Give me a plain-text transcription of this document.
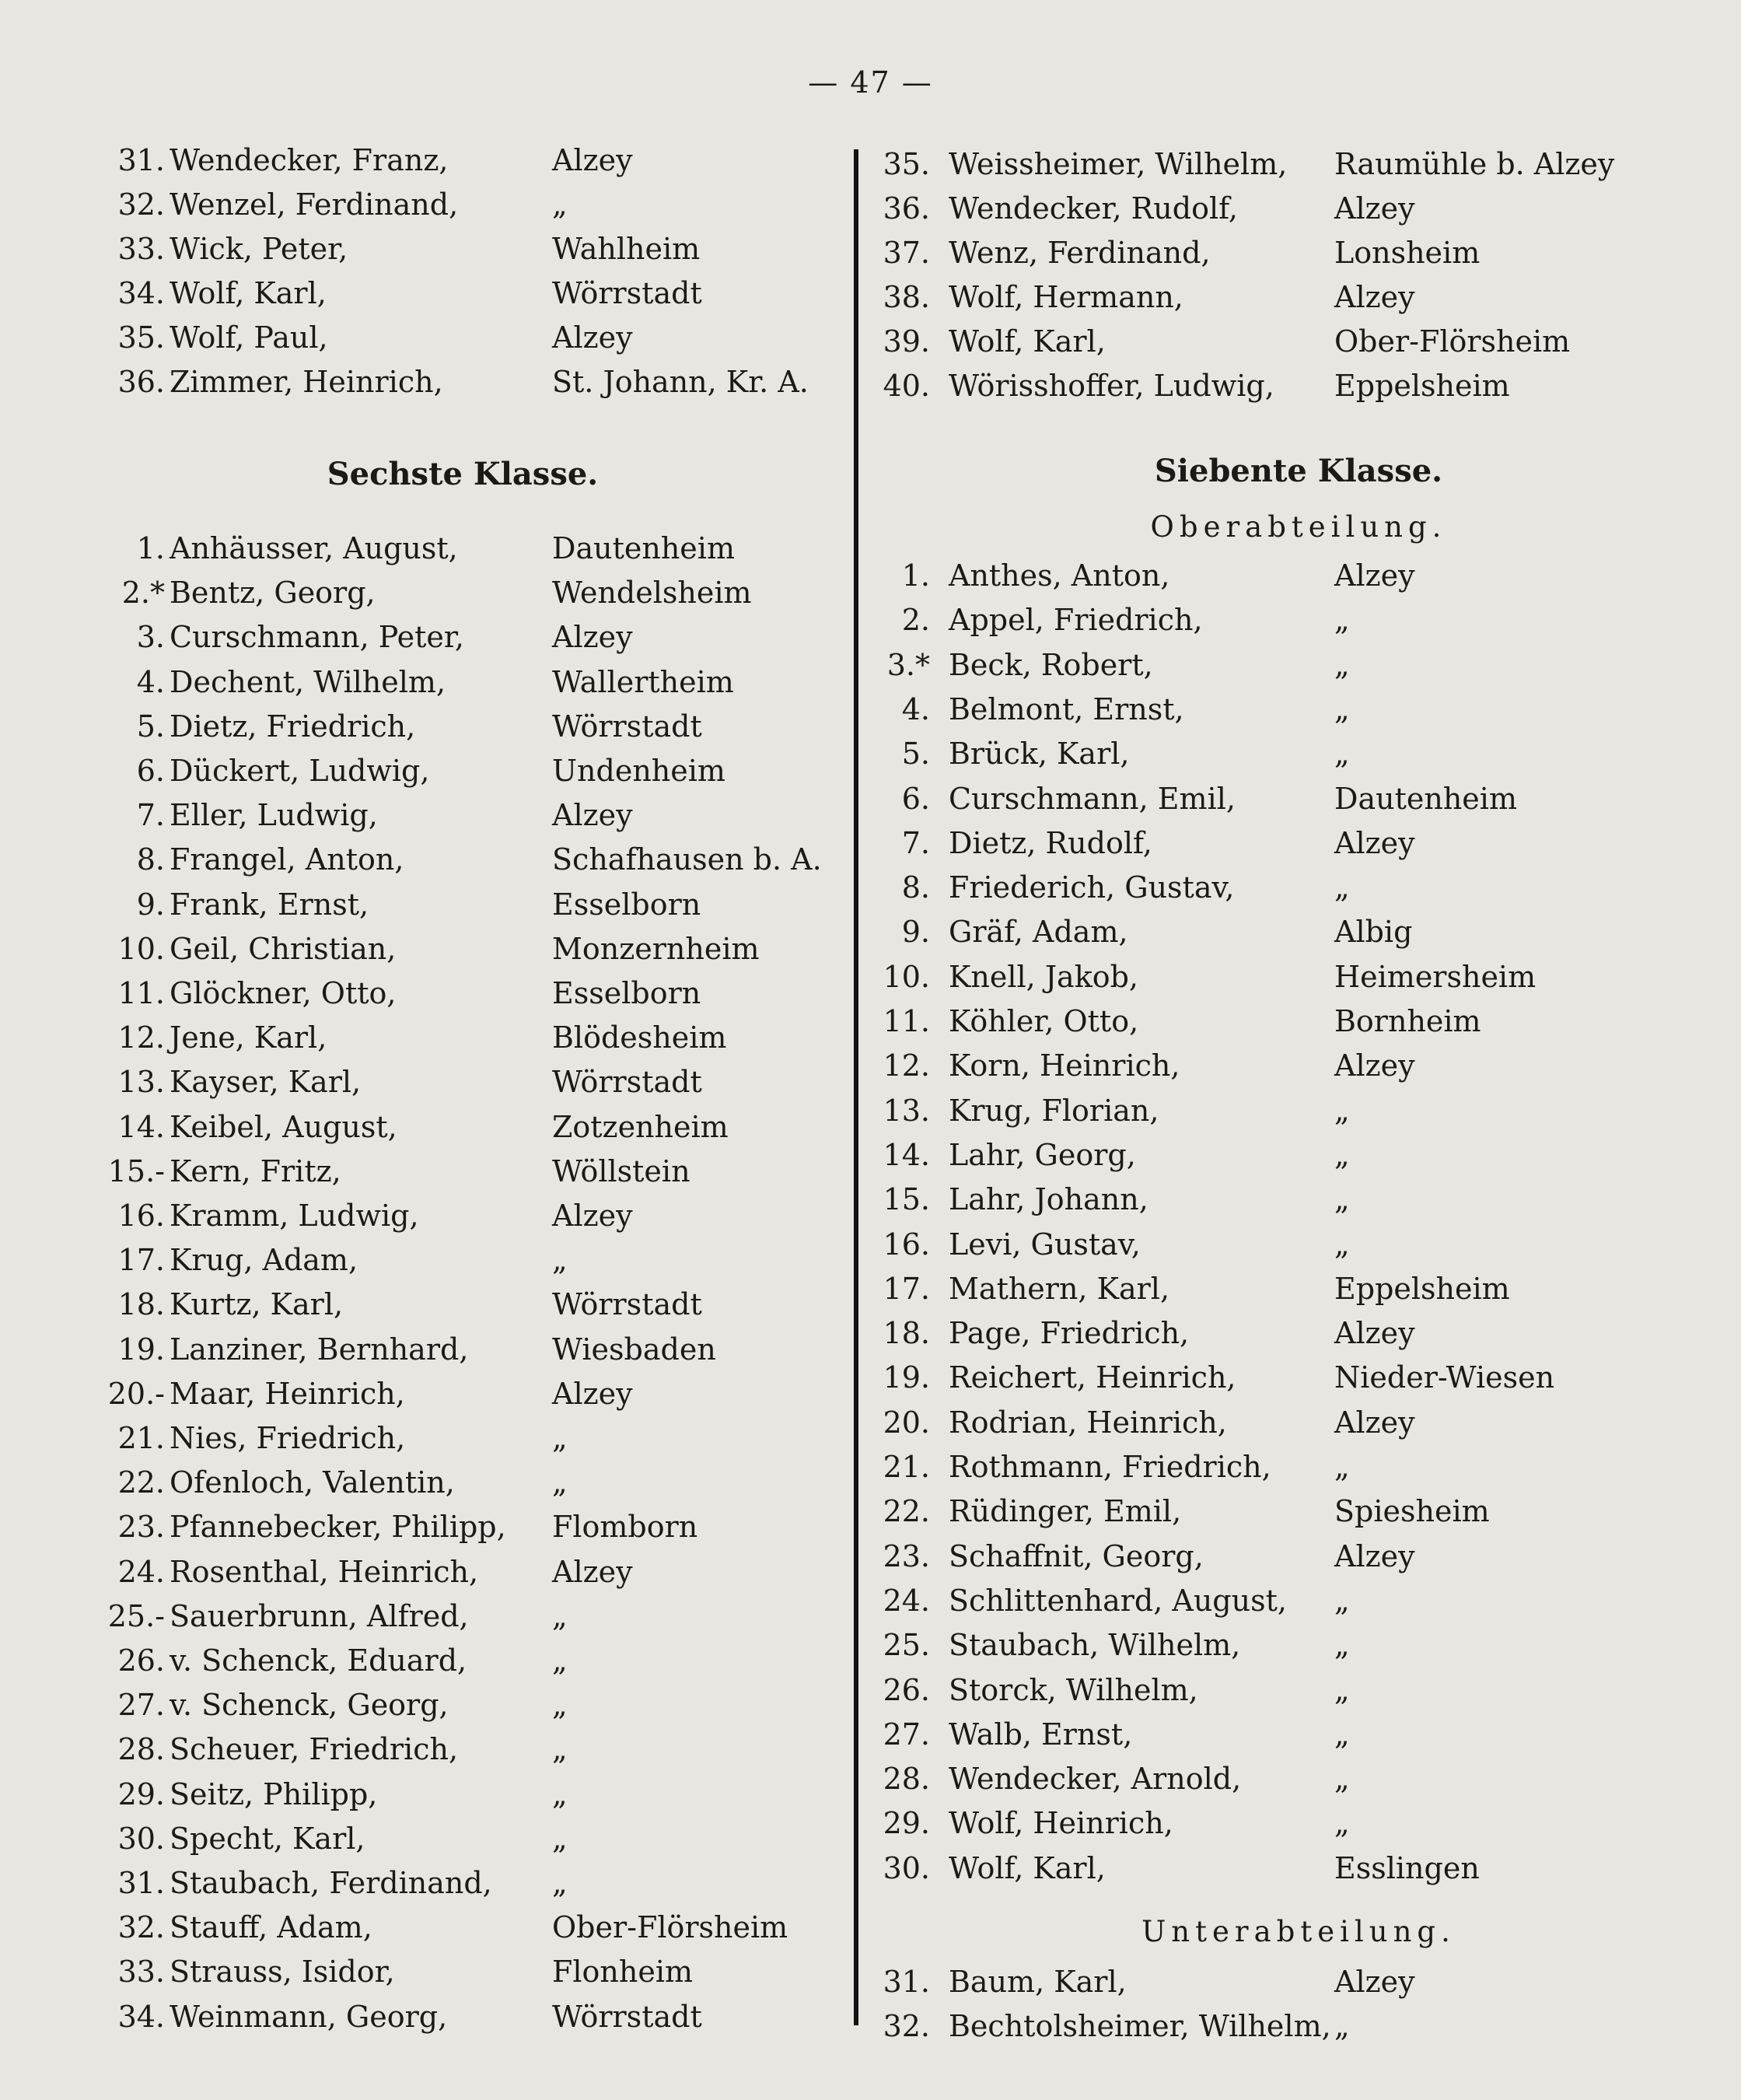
— 47 —
31. Wendecker, Franz,	Alzey
32. Wenzel, Ferdinand,	„
33. Wick, Peter,	Wahlheim
34. Wolf, Karl,	Wörrstadt
35. Wolf, Paul,	Alzey
36. Zimmer, Heinrich,	St. Johann, Kr. A.
Sechste Klasse.
1. Anhäusser, August,	Dautenheim
2.* Bentz, Georg,	Wendelsheim
3. Curschmann, Peter,	Alzey
4. Dechent, Wilhelm,	Wallertheim
5. Dietz, Friedrich,	Wörrstadt
6. Dückert, Ludwig,	Undenheim
7. Eller, Ludwig,	Alzey
8. Frangel, Anton,	Schafhausen b. A.
9. Frank, Ernst,	Esselborn
10. Geil, Christian,	Monzernheim
11. Glöckner, Otto,	Esselborn
12. Jene, Karl,	Blödesheim
13. Kayser, Karl,	Wörrstadt
14. Keibel, August,	Zotzenheim
15.- Kern, Fritz,	Wöllstein
16. Kramm, Ludwig,	Alzey
17. Krug, Adam,	„
18. Kurtz, Karl,	Wörrstadt
19. Lanziner, Bernhard,	Wiesbaden
20.- Maar, Heinrich,	Alzey
21. Nies, Friedrich,	„
22. Ofenloch, Valentin,	„
23. Pfannebecker, Philipp, Flomborn
24. Rosenthal, Heinrich, Alzey
25.- Sauerbrunn, Alfred,	„
26. v. Schenck, Eduard,	„
27. v. Schenck, Georg,	„
28. Scheuer, Friedrich,	„
29. Seitz, Philipp,	„
30. Specht, Karl,	„
31. Staubach, Ferdinand, „
32. Stauff, Adam,	Ober-Flörsheim
33. Strauss, Isidor,	Flonheim
34. Weinmann, Georg,	Wörrstadt
35. Weissheimer, Wilhelm, Raumühle b. Alzey
36. Wendecker, Rudolf,	Alzey
37. Wenz, Ferdinand,	Lonsheim
38. Wolf, Hermann,	Alzey
39. Wolf, Karl,	Ober-Flörsheim
40. Wörisshoffer, Ludwig, Eppelsheim
Siebente Klasse.
Oberabteilung.
1. Anthes, Anton,	Alzey
2. Appel, Friedrich,	„
3.* Beck, Robert,	„
4. Belmont, Ernst,	„
5. Brück, Karl,	„
6. Curschmann, Emil,	Dautenheim
7. Dietz, Rudolf,	Alzey
8. Friederich, Gustav,	„
9. Gräf, Adam,	Albig
10. Knell, Jakob,	Heimersheim
11. Köhler, Otto,	Bornheim
12. Korn, Heinrich,	Alzey
13. Krug, Florian,	„
14. Lahr, Georg,	„
15. Lahr, Johann,	„
16. Levi, Gustav,	„
17. Mathern, Karl,	Eppelsheim
18. Page, Friedrich,	Alzey
19. Reichert, Heinrich,	Nieder-Wiesen
20. Rodrian, Heinrich,	Alzey
21. Rothmann, Friedrich, „
22. Rüdinger, Emil,	Spiesheim
23. Schaffnit, Georg,	Alzey
24. Schlittenhard, August, „
25. Staubach, Wilhelm,	„
26. Storck, Wilhelm,	„
27. Walb, Ernst,	„
28. Wendecker, Arnold,	„
29. Wolf, Heinrich,	„
30. Wolf, Karl,	Esslingen
Unterabteilung.
31. Baum, Karl,	Alzey
32. Bechtolsheimer, Wilhelm, „
